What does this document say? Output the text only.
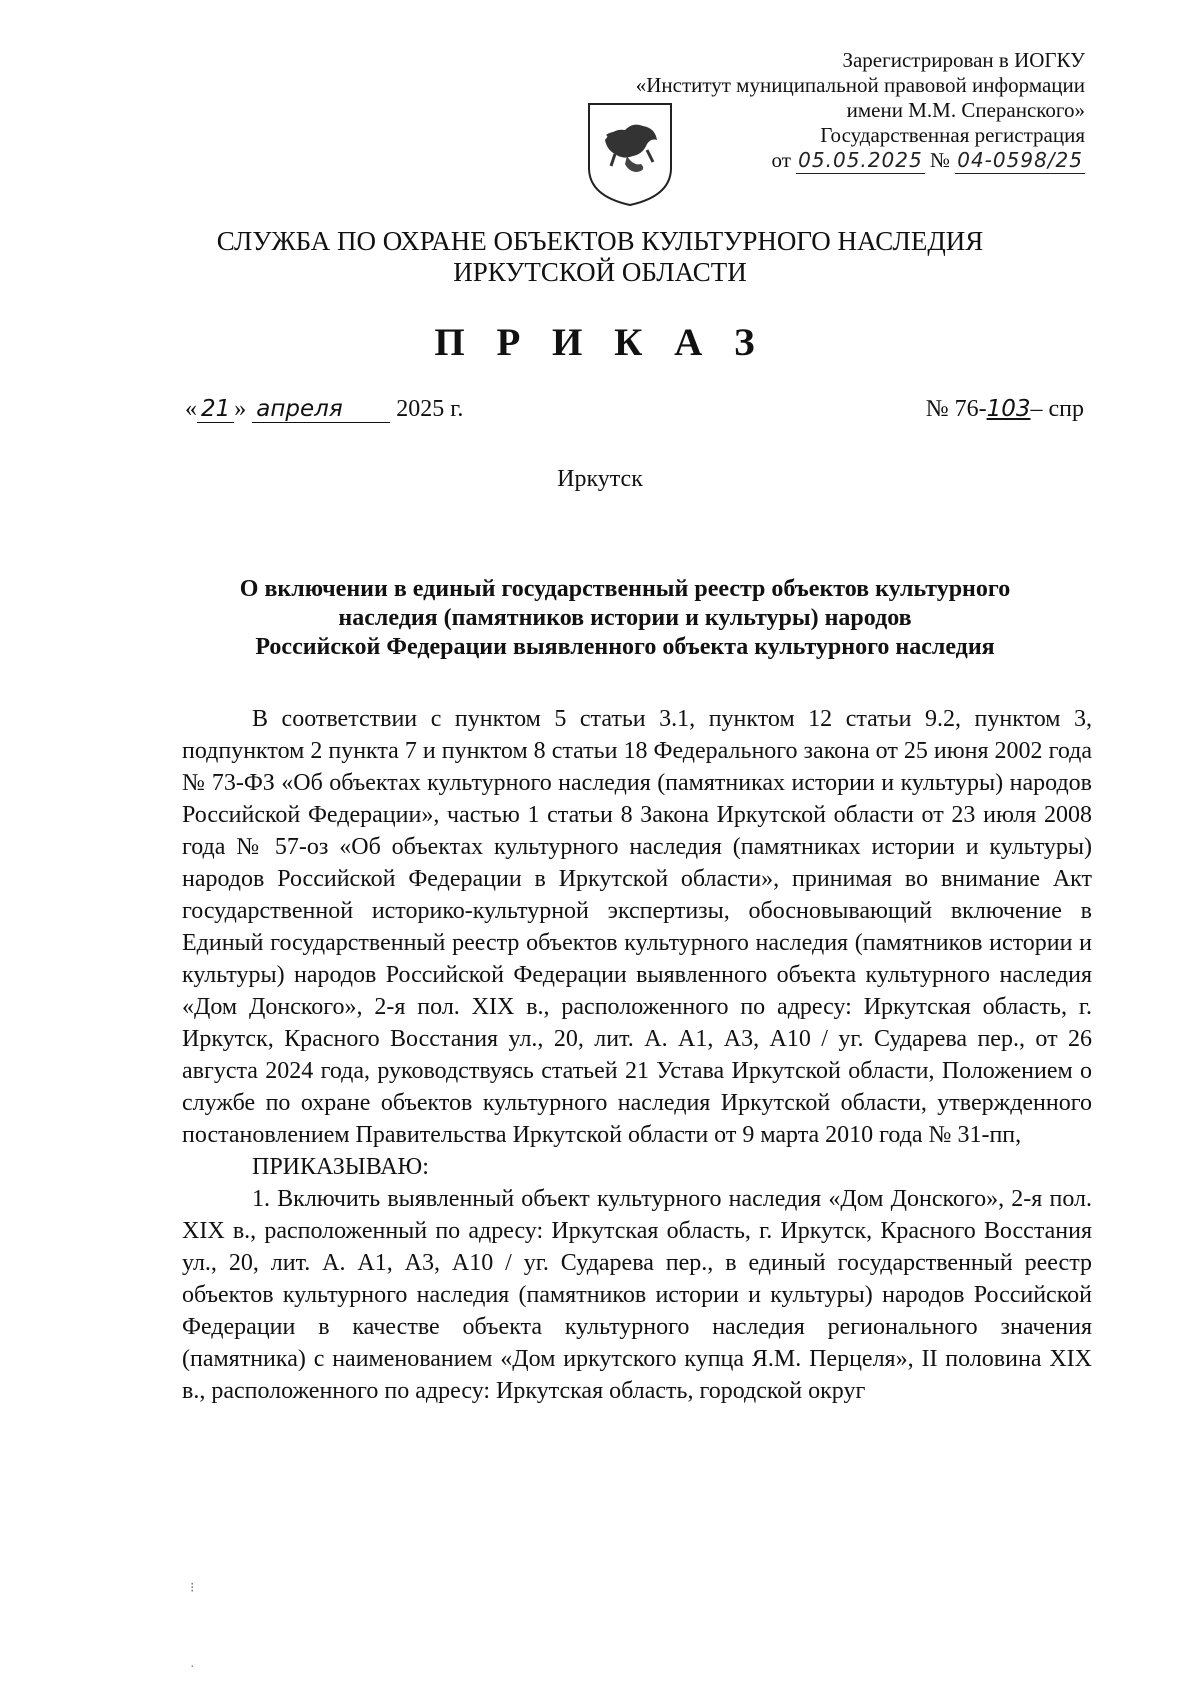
Зарегистрирован в ИОГКУ
«Институт муниципальной правовой информации
имени М.М. Сперанского»
Государственная регистрация
от 05.05.2025 № 04-0598/25
СЛУЖБА ПО ОХРАНЕ ОБЪЕКТОВ КУЛЬТУРНОГО НАСЛЕДИЯ
ИРКУТСКОЙ ОБЛАСТИ
П Р И К А З
« 21 » апреля 2025 г.	№ 76-103– спр
Иркутск
О включении в единый государственный реестр объектов культурного
наследия (памятников истории и культуры) народов
Российской Федерации выявленного объекта культурного наследия

В соответствии с пунктом 5 статьи 3.1, пунктом 12 статьи 9.2, пунктом 3, подпунктом 2 пункта 7 и пунктом 8 статьи 18 Федерального закона от 25 июня 2002 года № 73-ФЗ «Об объектах культурного наследия (памятниках истории и культуры) народов Российской Федерации», частью 1 статьи 8 Закона Иркутской области от 23 июля 2008 года № 57-оз «Об объектах культурного наследия (памятниках истории и культуры) народов Российской Федерации в Иркутской области», принимая во внимание Акт государственной историко-культурной экспертизы, обосновывающий включение в Единый государственный реестр объектов культурного наследия (памятников истории и культуры) народов Российской Федерации выявленного объекта культурного наследия «Дом Донского», 2-я пол. XIX в., расположенного по адресу: Иркутская область, г. Иркутск, Красного Восстания ул., 20, лит. А. А1, А3, А10 / уг. Сударева пер., от 26 августа 2024 года, руководствуясь статьей 21 Устава Иркутской области, Положением о службе по охране объектов культурного наследия Иркутской области, утвержденного постановлением Правительства Иркутской области от 9 марта 2010 года № 31-пп,

ПРИКАЗЫВАЮ:

1. Включить выявленный объект культурного наследия «Дом Донского», 2-я пол. XIX в., расположенный по адресу: Иркутская область, г. Иркутск, Красного Восстания ул., 20, лит. А. А1, А3, А10 / уг. Сударева пер., в единый государственный реестр объектов культурного наследия (памятников истории и культуры) народов Российской Федерации в качестве объекта культурного наследия регионального значения (памятника) с наименованием «Дом иркутского купца Я.М. Перцеля», II половина XIX в., расположенного по адресу: Иркутская область, городской округ

⁝
·
